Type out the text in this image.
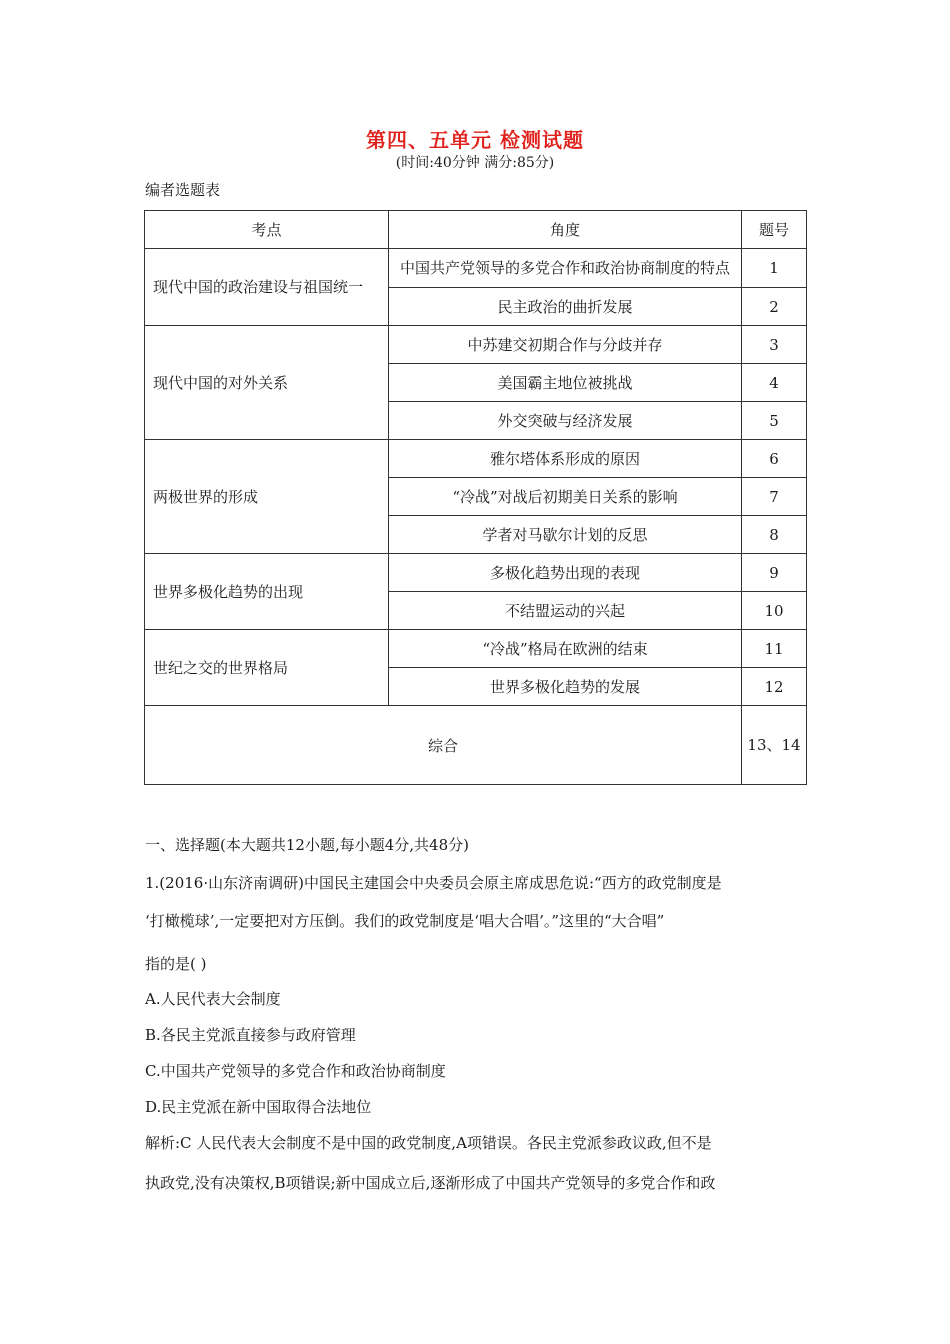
第四、五单元 检测试题
(时间:40分钟 满分:85分)
编者选题表
考点	角度	题号
现代中国的政治建设与祖国统一	中国共产党领导的多党合作和政治协商制度的特点	1
	民主政治的曲折发展	2
现代中国的对外关系	中苏建交初期合作与分歧并存	3
	美国霸主地位被挑战	4
	外交突破与经济发展	5
两极世界的形成	雅尔塔体系形成的原因	6
	“冷战”对战后初期美日关系的影响	7
	学者对马歇尔计划的反思	8
世界多极化趋势的出现	多极化趋势出现的表现	9
	不结盟运动的兴起	10
世纪之交的世界格局	“冷战”格局在欧洲的结束	11
	世界多极化趋势的发展	12
综合		13、14
一、选择题(本大题共12小题,每小题4分,共48分)
1.(2016·山东济南调研)中国民主建国会中央委员会原主席成思危说:“西方的政党制度是
‘打橄榄球’,一定要把对方压倒。我们的政党制度是‘唱大合唱’。”这里的“大合唱”
指的是( )
A.人民代表大会制度
B.各民主党派直接参与政府管理
C.中国共产党领导的多党合作和政治协商制度
D.民主党派在新中国取得合法地位
解析:C 人民代表大会制度不是中国的政党制度,A项错误。各民主党派参政议政,但不是
执政党,没有决策权,B项错误;新中国成立后,逐渐形成了中国共产党领导的多党合作和政
